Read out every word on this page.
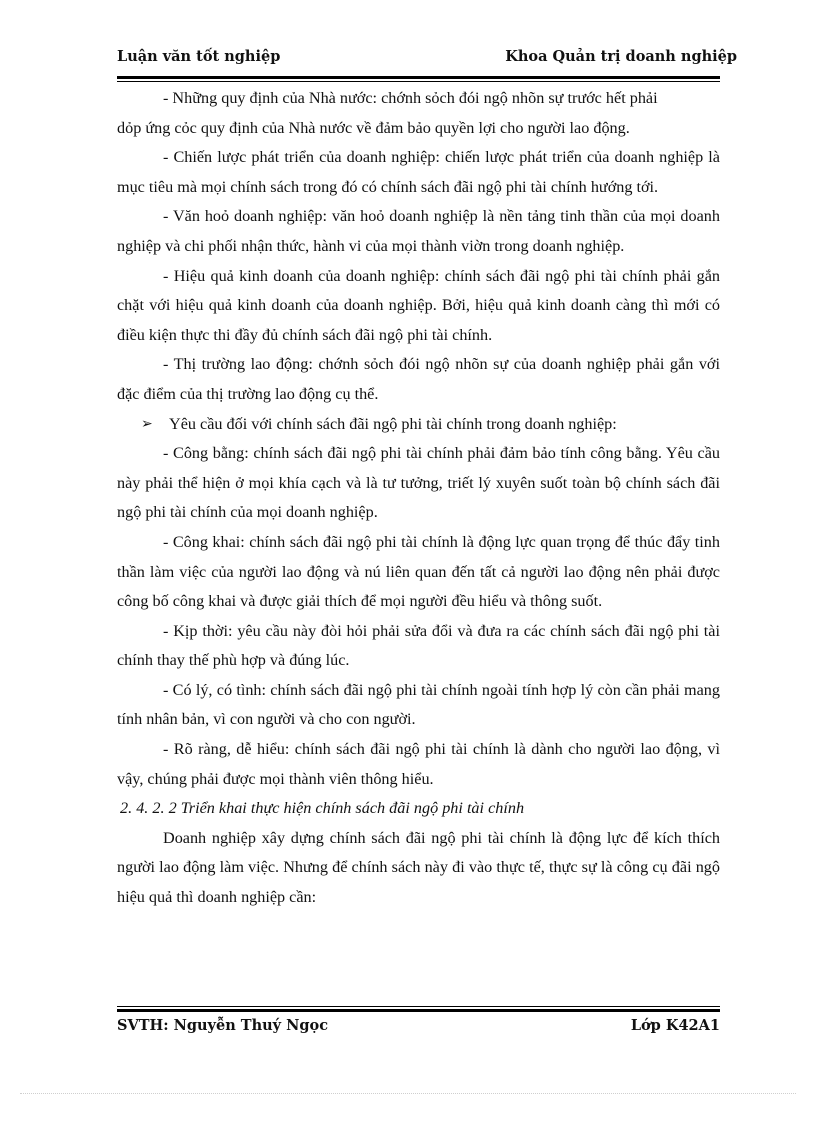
Luận văn tốt nghiệp	Khoa Quản trị doanh nghiệp

- Những quy định của Nhà nước: chớnh sỏch đói ngộ nhõn sự trước hết phải

dỏp ứng cỏc quy định của Nhà nước về đảm bảo quyền lợi cho người lao động.

- Chiến lược phát triển của doanh nghiệp: chiến lược phát triển của doanh nghiệp là mục tiêu mà mọi chính sách trong đó có chính sách đãi ngộ phi tài chính hướng tới.

- Văn hoỏ doanh nghiệp: văn hoỏ doanh nghiệp là nền tảng tinh thần của mọi doanh nghiệp và chi phối nhận thức, hành vi của mọi thành viờn trong doanh nghiệp.

- Hiệu quả kinh doanh của doanh nghiệp: chính sách đãi ngộ phi tài chính phải gắn chặt với hiệu quả kinh doanh của doanh nghiệp. Bởi, hiệu quả kinh doanh càng thì mới có điều kiện thực thi đầy đủ chính sách đãi ngộ phi tài chính.

- Thị trường lao động: chớnh sỏch đói ngộ nhõn sự của doanh nghiệp phải gắn với đặc điểm của thị trường lao động cụ thể.

➢ Yêu cầu đối với chính sách đãi ngộ phi tài chính trong doanh nghiệp:

- Công bằng: chính sách đãi ngộ phi tài chính phải đảm bảo tính công bằng. Yêu cầu này phải thể hiện ở mọi khía cạch và là tư tưởng, triết lý xuyên suốt toàn bộ chính sách đãi ngộ phi tài chính của mọi doanh nghiệp.

- Công khai: chính sách đãi ngộ phi tài chính là động lực quan trọng để thúc đẩy tinh thần làm việc của người lao động và nú liên quan đến tất cả người lao động nên phải được công bố công khai và được giải thích để mọi người đều hiểu và thông suốt.

- Kịp thời: yêu cầu này đòi hỏi phải sửa đổi và đưa ra các chính sách đãi ngộ phi tài chính thay thế phù hợp và đúng lúc.

- Có lý, có tình: chính sách đãi ngộ phi tài chính ngoài tính hợp lý còn cần phải mang tính nhân bản, vì con người và cho con người.

- Rõ ràng, dễ hiểu: chính sách đãi ngộ phi tài chính là dành cho người lao động, vì vậy, chúng phải được mọi thành viên thông hiểu.

2. 4. 2. 2 Triển khai thực hiện chính sách đãi ngộ phi tài chính

Doanh nghiệp xây dựng chính sách đãi ngộ phi tài chính là động lực để kích thích người lao động làm việc. Nhưng để chính sách này đi vào thực tế, thực sự là công cụ đãi ngộ hiệu quả thì doanh nghiệp cần:

SVTH: Nguyễn Thuý Ngọc	Lớp K42A1
